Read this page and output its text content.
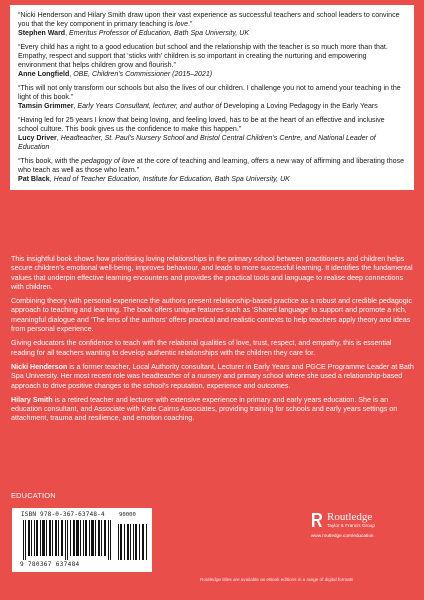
“Nicki Henderson and Hilary Smith draw upon their vast experience as successful teachers and school leaders to convince you that the key component in primary teaching is love.”
Stephen Ward, Emeritus Professor of Education, Bath Spa University, UK
“Every child has a right to a good education but school and the relationship with the teacher is so much more than that. Empathy, respect and support that ‘sticks with’ children is so important in creating the nurturing and empowering environment that helps children grow and flourish.”
Anne Longfield, OBE, Children’s Commissioner (2015–2021)
“This will not only transform our schools but also the lives of our children. I challenge you not to amend your teaching in the light of this book.”
Tamsin Grimmer, Early Years Consultant, lecturer, and author of Developing a Loving Pedagogy in the Early Years
“Having led for 25 years I know that being loving, and feeling loved, has to be at the heart of an effective and inclusive school culture. This book gives us the confidence to make this happen.”
Lucy Driver, Headteacher, St. Paul’s Nursery School and Bristol Central Children’s Centre, and National Leader of Education
“This book, with the pedagogy of love at the core of teaching and learning, offers a new way of affirming and liberating those who teach as well as those who learn.”
Pat Black, Head of Teacher Education, Institute for Education, Bath Spa University, UK

This insightful book shows how prioritising loving relationships in the primary school between practitioners and children helps secure children’s emotional well-being, improves behaviour, and leads to more successful learning. It identifies the fundamental values that underpin effective learning encounters and provides the practical tools and language to realise deep connections with children.

Combining theory with personal experience the authors present relationship-based practice as a robust and credible pedagogic approach to teaching and learning. The book offers unique features such as ‘Shared language’ to support and promote a rich, meaningful dialogue and ‘The lens of the authors’ offers practical and realistic contexts to help teachers apply theory and ideas from personal experience.

Giving educators the confidence to teach with the relational qualities of love, trust, respect, and empathy, this is essential reading for all teachers wanting to develop authentic relationships with the children they care for.

Nicki Henderson is a former teacher, Local Authority consultant, Lecturer in Early Years and PGCE Programme Leader at Bath Spa University. Her most recent role was headteacher of a nursery and primary school where she used a relationship-based approach to drive positive changes to the school’s reputation, experience and outcomes.

Hilary Smith is a retired teacher and lecturer with extensive experience in primary and early years education. She is an education consultant, and Associate with Kate Cairns Associates, providing training for schools and early years settings on attachment, trauma and resilience, and emotion coaching.

EDUCATION
ISBN 978-0-367-63748-4	90000
9 780367 637484
Routledge
Taylor & Francis Group
www.routledge.com/education
Routledge titles are available as eBook editions in a range of digital formats
